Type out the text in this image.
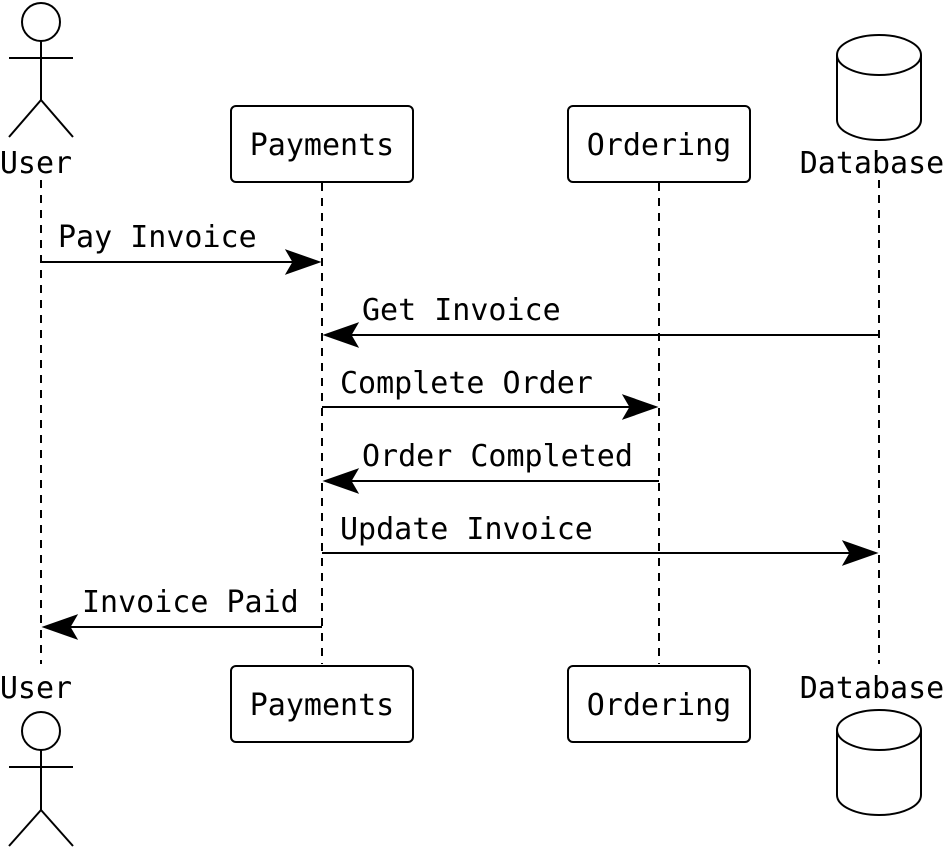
User
Payments	Ordering
Database
Pay Invoice
Get Invoice
Complete Order
Order Completed
Update Invoice
Invoice Paid
User	Payments	Ordering Database
